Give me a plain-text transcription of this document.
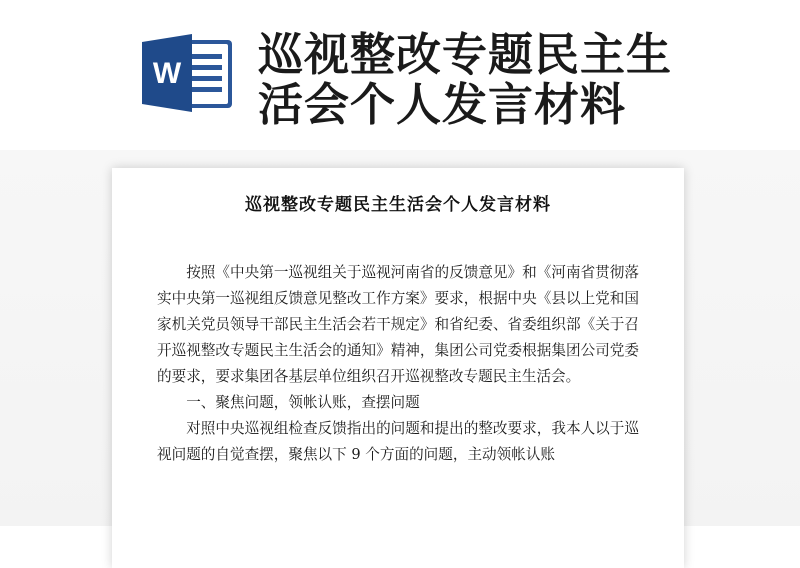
W 巡视整改专题民主生
活会个人发言材料
巡视整改专题民主生活会个人发言材料

按照《中央第一巡视组关于巡视河南省的反馈意见》和《河南省贯彻落实中央第一巡视组反馈意见整改工作方案》要求，根据中央《县以上党和国家机关党员领导干部民主生活会若干规定》和省纪委、省委组织部《关于召开巡视整改专题民主生活会的通知》精神，集团公司党委根据集团公司党委的要求，要求集团各基层单位组织召开巡视整改专题民主生活会。

一、聚焦问题，领帐认账，查摆问题

对照中央巡视组检查反馈指出的问题和提出的整改要求，我本人以于巡视问题的自觉查摆，聚焦以下 9 个方面的问题，主动领帐认账
